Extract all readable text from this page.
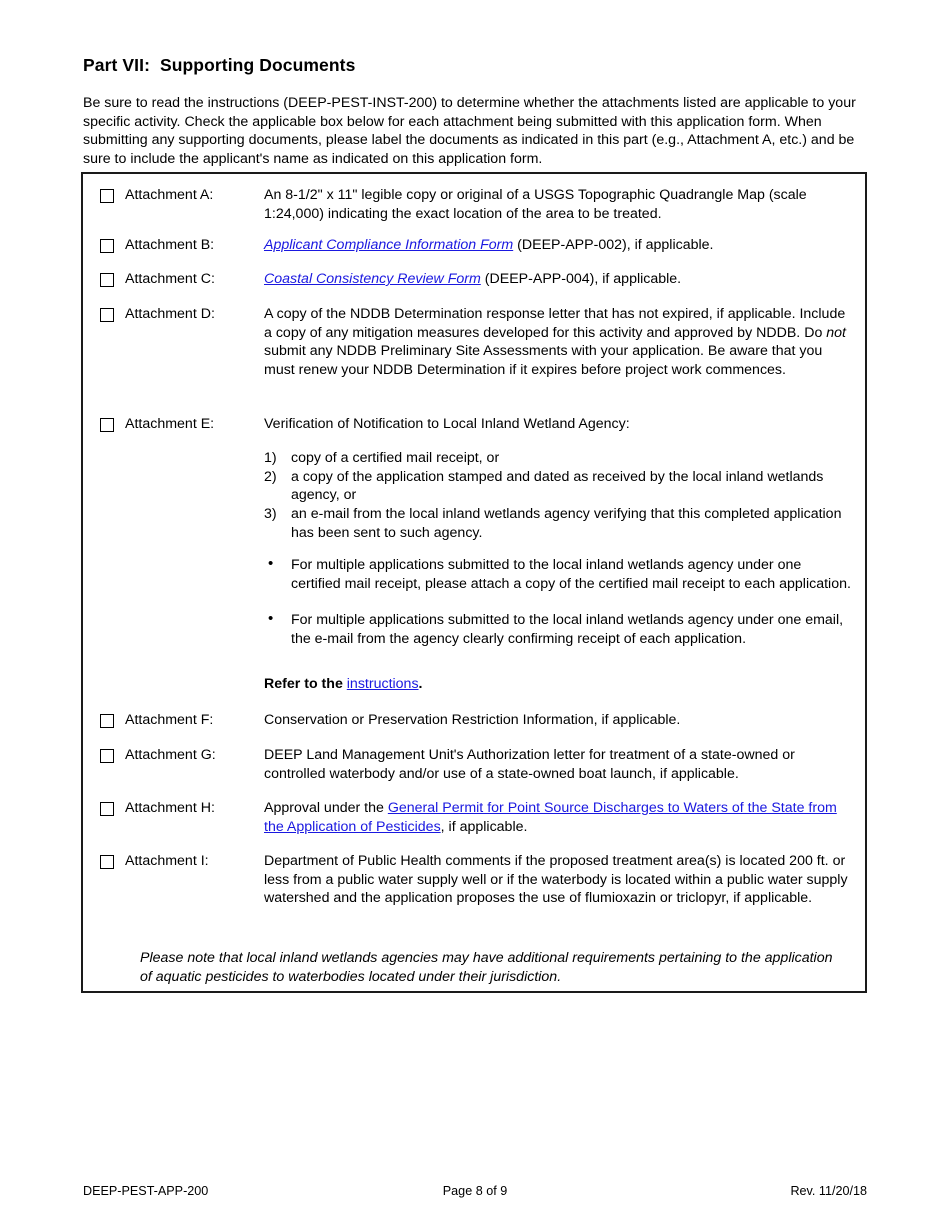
Part VII:  Supporting Documents
Be sure to read the instructions (DEEP-PEST-INST-200) to determine whether the attachments listed are applicable to your specific activity. Check the applicable box below for each attachment being submitted with this application form. When submitting any supporting documents, please label the documents as indicated in this part (e.g., Attachment A, etc.) and be sure to include the applicant's name as indicated on this application form.
Attachment A:	An 8-1/2" x 11" legible copy or original of a USGS Topographic Quadrangle Map (scale 1:24,000) indicating the exact location of the area to be treated.
Attachment B:	Applicant Compliance Information Form (DEEP-APP-002), if applicable.
Attachment C:	Coastal Consistency Review Form (DEEP-APP-004), if applicable.
Attachment D:	A copy of the NDDB Determination response letter that has not expired, if applicable. Include a copy of any mitigation measures developed for this activity and approved by NDDB. Do not submit any NDDB Preliminary Site Assessments with your application. Be aware that you must renew your NDDB Determination if it expires before project work commences.
Attachment E:	Verification of Notification to Local Inland Wetland Agency:
1) copy of a certified mail receipt, or
2) a copy of the application stamped and dated as received by the local inland wetlands agency, or
3) an e-mail from the local inland wetlands agency verifying that this completed application has been sent to such agency.
• For multiple applications submitted to the local inland wetlands agency under one certified mail receipt, please attach a copy of the certified mail receipt to each application.
• For multiple applications submitted to the local inland wetlands agency under one email, the e-mail from the agency clearly confirming receipt of each application.
Refer to the instructions.
Attachment F:	Conservation or Preservation Restriction Information, if applicable.
Attachment G:	DEEP Land Management Unit's Authorization letter for treatment of a state-owned or controlled waterbody and/or use of a state-owned boat launch, if applicable.
Attachment H:	Approval under the General Permit for Point Source Discharges to Waters of the State from the Application of Pesticides, if applicable.
Attachment I:	Department of Public Health comments if the proposed treatment area(s) is located 200 ft. or less from a public water supply well or if the waterbody is located within a public water supply watershed and the application proposes the use of flumioxazin or triclopyr, if applicable.
Please note that local inland wetlands agencies may have additional requirements pertaining to the application of aquatic pesticides to waterbodies located under their jurisdiction.
DEEP-PEST-APP-200	Page 8 of 9	Rev. 11/20/18
